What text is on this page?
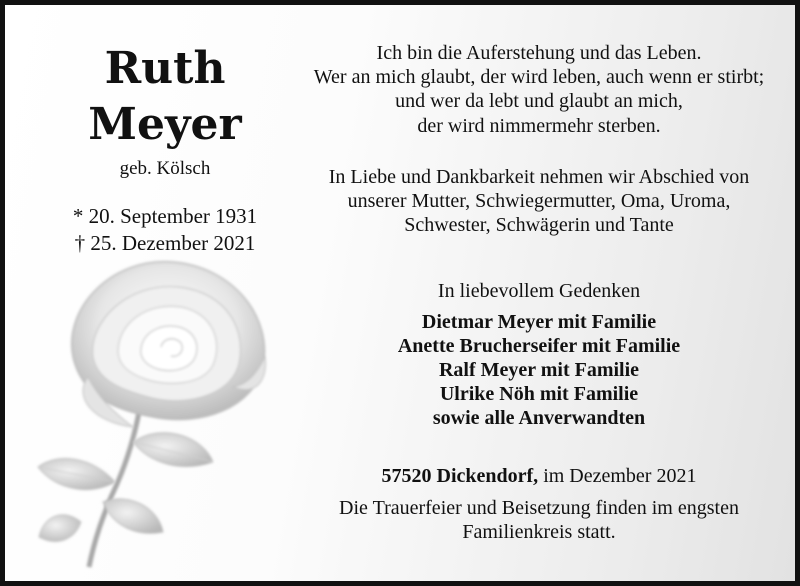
Ruth
Meyer
geb. Kölsch
* 20. September 1931
† 25. Dezember 2021
Ich bin die Auferstehung und das Leben.
Wer an mich glaubt, der wird leben, auch wenn er stirbt;
und wer da lebt und glaubt an mich,
der wird nimmermehr sterben.
In Liebe und Dankbarkeit nehmen wir Abschied von
unserer Mutter, Schwiegermutter, Oma, Uroma,
Schwester, Schwägerin und Tante
In liebevollem Gedenken
Dietmar Meyer mit Familie
Anette Brucherseifer mit Familie
Ralf Meyer mit Familie
Ulrike Nöh mit Familie
sowie alle Anverwandten
57520 Dickendorf, im Dezember 2021
Die Trauerfeier und Beisetzung finden im engsten
Familienkreis statt.
